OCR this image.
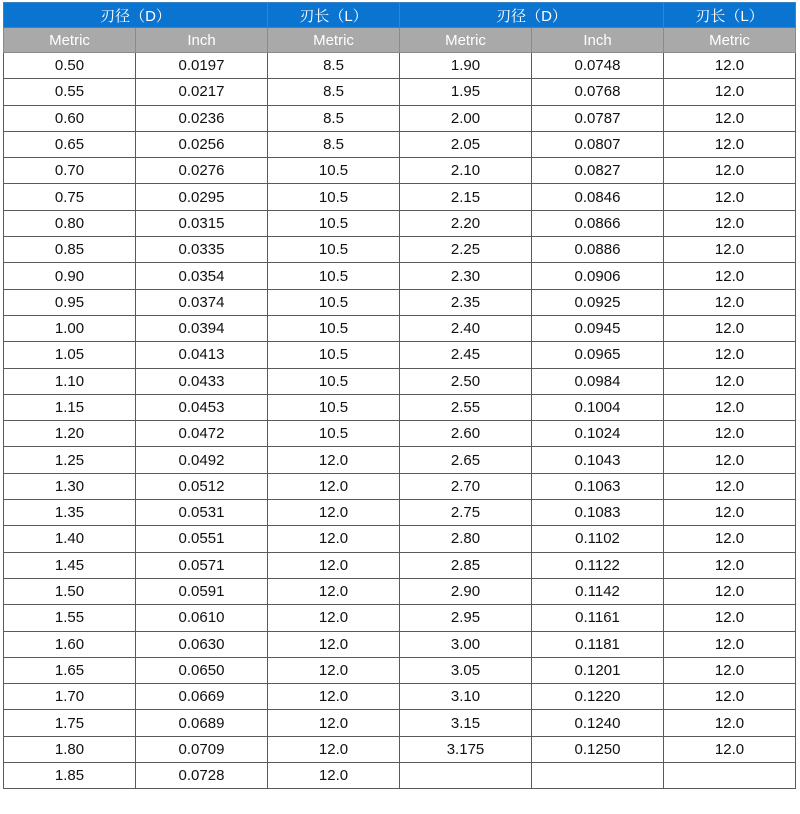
刃径（D）		刃长（L）	刃径（D）		刃长（L）
Metric	Inch	Metric	Metric	Inch	Metric
0.50	0.0197	8.5	1.90	0.0748	12.0
0.55	0.0217	8.5	1.95	0.0768	12.0
0.60	0.0236	8.5	2.00	0.0787	12.0
0.65	0.0256	8.5	2.05	0.0807	12.0
0.70	0.0276	10.5	2.10	0.0827	12.0
0.75	0.0295	10.5	2.15	0.0846	12.0
0.80	0.0315	10.5	2.20	0.0866	12.0
0.85	0.0335	10.5	2.25	0.0886	12.0
0.90	0.0354	10.5	2.30	0.0906	12.0
0.95	0.0374	10.5	2.35	0.0925	12.0
1.00	0.0394	10.5	2.40	0.0945	12.0
1.05	0.0413	10.5	2.45	0.0965	12.0
1.10	0.0433	10.5	2.50	0.0984	12.0
1.15	0.0453	10.5	2.55	0.1004	12.0
1.20	0.0472	10.5	2.60	0.1024	12.0
1.25	0.0492	12.0	2.65	0.1043	12.0
1.30	0.0512	12.0	2.70	0.1063	12.0
1.35	0.0531	12.0	2.75	0.1083	12.0
1.40	0.0551	12.0	2.80	0.1102	12.0
1.45	0.0571	12.0	2.85	0.1122	12.0
1.50	0.0591	12.0	2.90	0.1142	12.0
1.55	0.0610	12.0	2.95	0.1161	12.0
1.60	0.0630	12.0	3.00	0.1181	12.0
1.65	0.0650	12.0	3.05	0.1201	12.0
1.70	0.0669	12.0	3.10	0.1220	12.0
1.75	0.0689	12.0	3.15	0.1240	12.0
1.80	0.0709	12.0	3.175	0.1250	12.0
1.85	0.0728	12.0			
